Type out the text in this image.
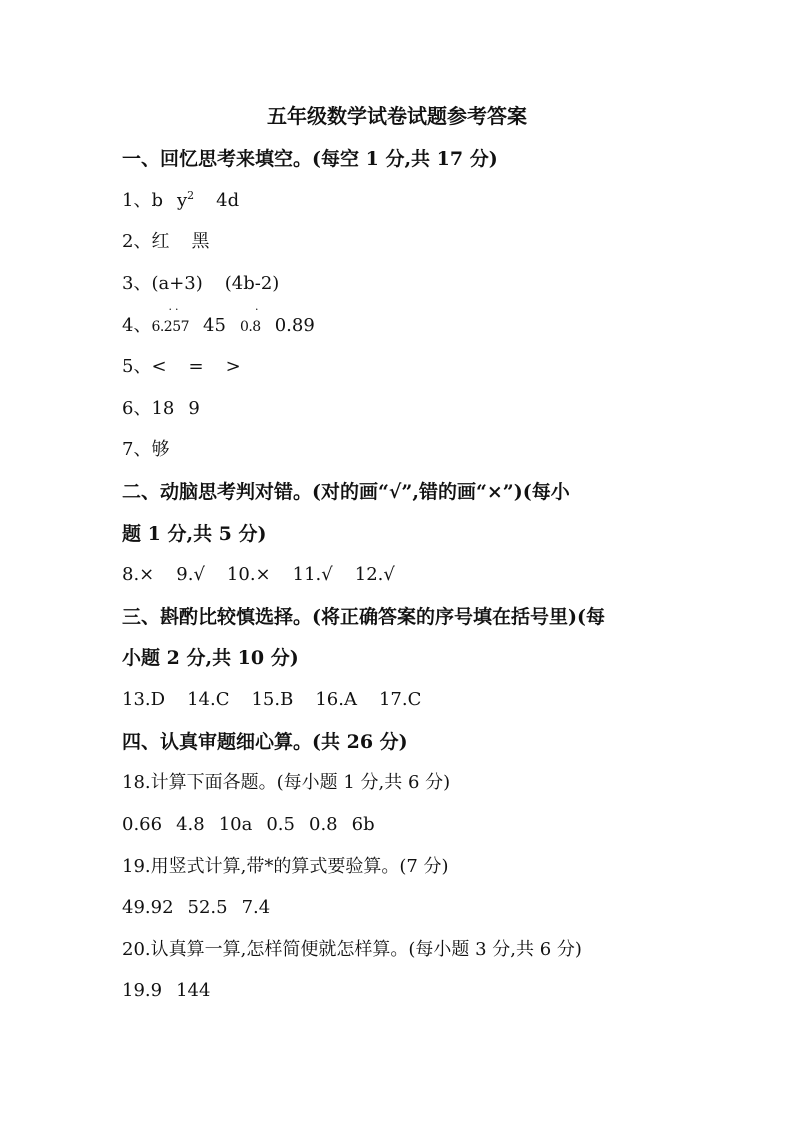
五年级数学试卷试题参考答案
一、回忆思考来填空。(每空 1 分,共 17 分)
1、b $y^2$ 4d
2、红 黑
3、(a+3) (4b-2)
4、6.257
··
45 0.8
·
0.89
5、< = >
6、18 9
7、够
二、动脑思考判对错。(对的画“√”,错的画“×”)(每小
题 1 分,共 5 分)
8.× 9.√ 10.× 11.√ 12.√
三、斟酌比较慎选择。(将正确答案的序号填在括号里)(每
小题 2 分,共 10 分)
13.D 14.C 15.B 16.A 17.C
四、认真审题细心算。(共 26 分)
18.计算下面各题。(每小题 1 分,共 6 分)
0.66 4.8 10a 0.5 0.8 6b
19.用竖式计算,带*的算式要验算。(7 分)
49.92 52.5 7.4
20.认真算一算,怎样简便就怎样算。(每小题 3 分,共 6 分)
19.9 144
